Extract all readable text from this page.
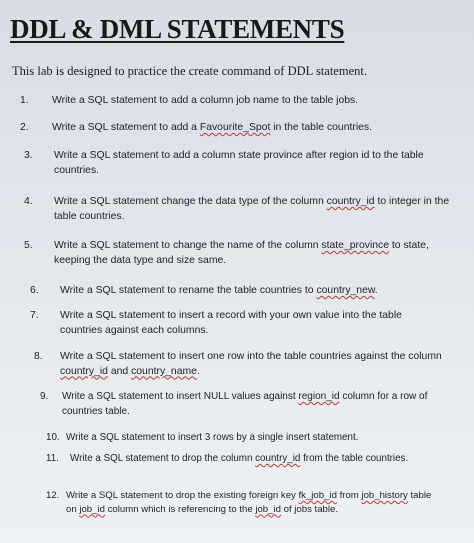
DDL & DML STATEMENTS
This lab is designed to practice the create command of DDL statement.
1.	Write a SQL statement to add a column job name to the table jobs.
2.	Write a SQL statement to add a Favourite_Spot in the table countries.
3.	Write a SQL statement to add a column state province after region id to the table countries.
4.	Write a SQL statement change the data type of the column country_id to integer in the table countries.
5.	Write a SQL statement to change the name of the column state_province to state, keeping the data type and size same.
6.	Write a SQL statement to rename the table countries to country_new.
7.	Write a SQL statement to insert a record with your own value into the table countries against each columns.
8.	Write a SQL statement to insert one row into the table countries against the column country_id and country_name.
9.	Write a SQL statement to insert NULL values against region_id column for a row of countries table.
10. Write a SQL statement to insert 3 rows by a single insert statement.
11.	Write a SQL statement to drop the column country_id from the table countries.
12. Write a SQL statement to drop the existing foreign key fk_job_id from job_history table on job_id column which is referencing to the job_id of jobs table.
